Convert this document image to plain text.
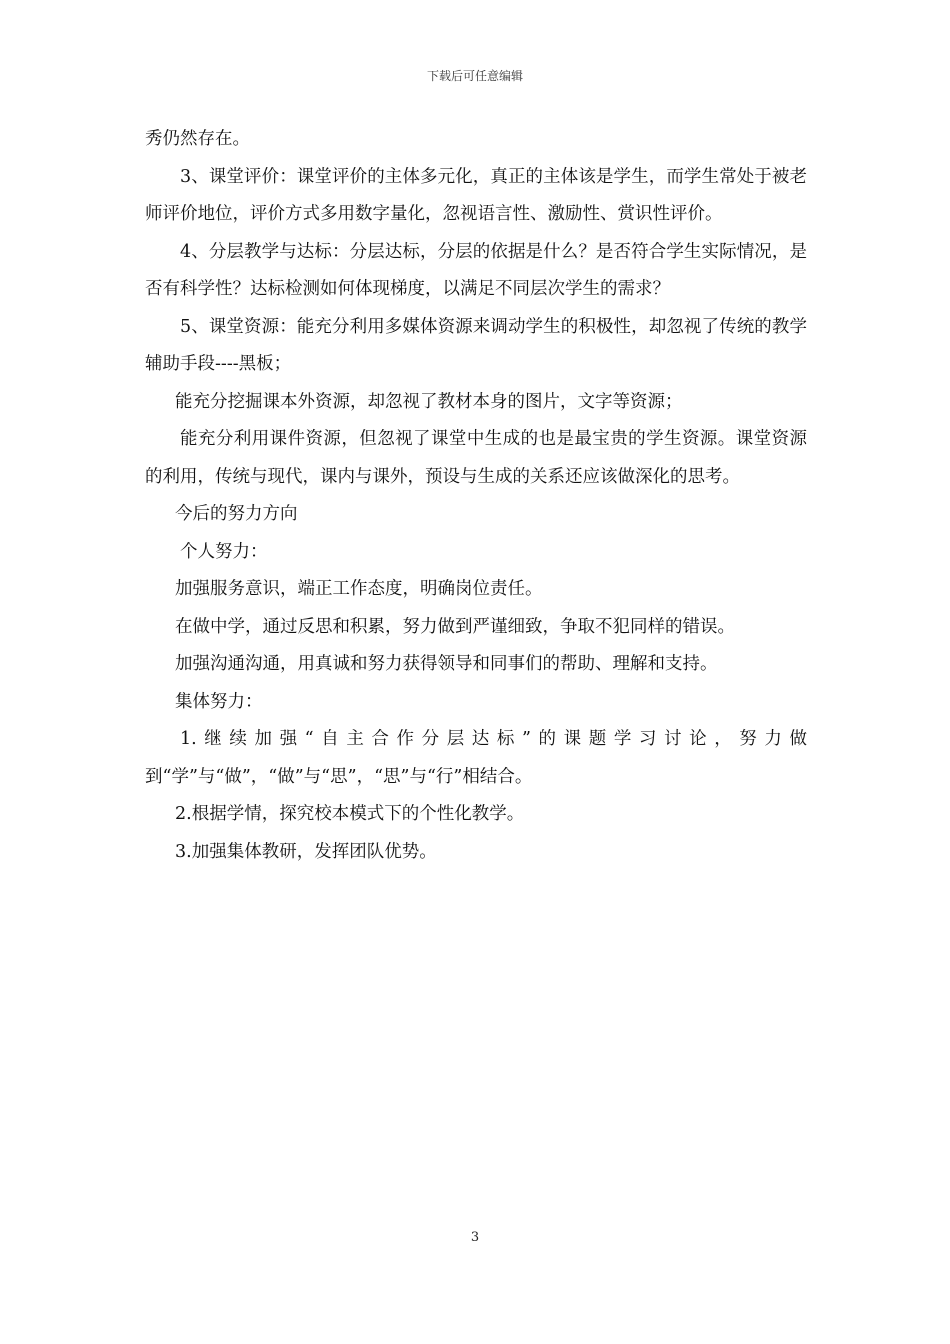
下载后可任意编辑

秀仍然存在。

3、课堂评价：课堂评价的主体多元化，真正的主体该是学生，而学生常处于被老师评价地位，评价方式多用数字量化，忽视语言性、激励性、赏识性评价。

4、分层教学与达标：分层达标，分层的依据是什么？是否符合学生实际情况，是否有科学性？达标检测如何体现梯度，以满足不同层次学生的需求？

5、课堂资源：能充分利用多媒体资源来调动学生的积极性，却忽视了传统的教学辅助手段----黑板；

能充分挖掘课本外资源，却忽视了教材本身的图片，文字等资源；

能充分利用课件资源，但忽视了课堂中生成的也是最宝贵的学生资源。课堂资源的利用，传统与现代，课内与课外，预设与生成的关系还应该做深化的思考。

今后的努力方向

个人努力：

加强服务意识，端正工作态度，明确岗位责任。

在做中学，通过反思和积累，努力做到严谨细致，争取不犯同样的错误。

加强沟通沟通，用真诚和努力获得领导和同事们的帮助、理解和支持。

集体努力：

1.继续加强“自主合作分层达标”的课题学习讨论，努力做到“学”与“做”，“做”与“思”，“思”与“行”相结合。

2.根据学情，探究校本模式下的个性化教学。

3.加强集体教研，发挥团队优势。

3
